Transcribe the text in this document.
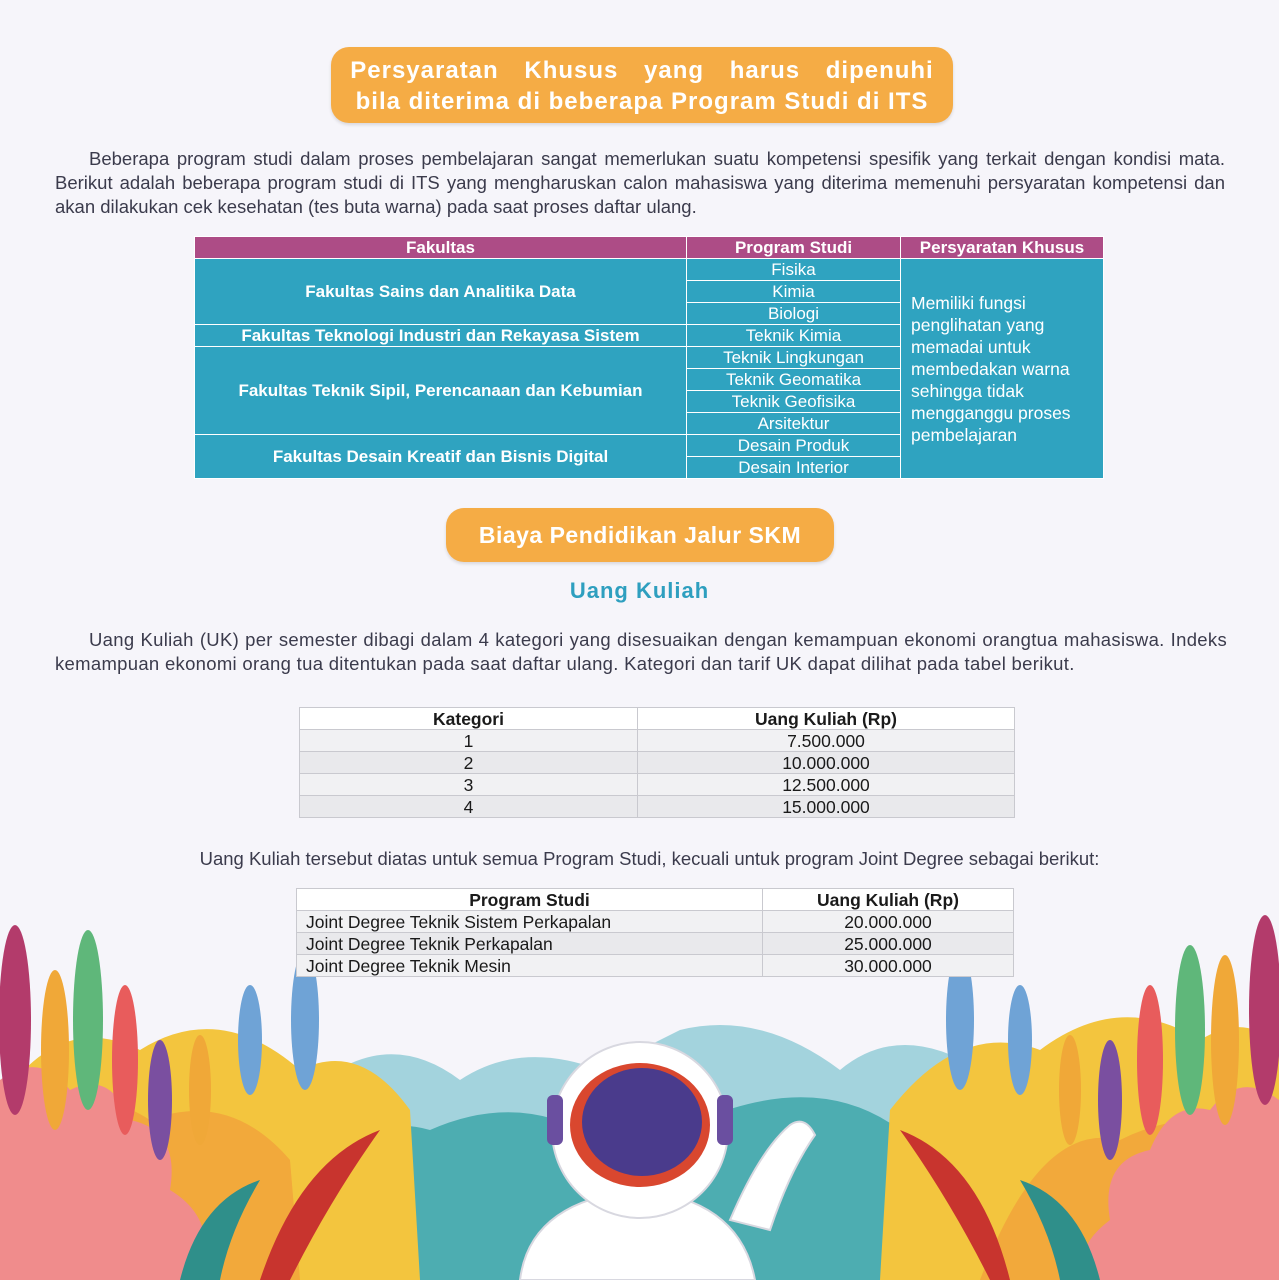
Persyaratan Khusus yang harus dipenuhi
bila diterima di beberapa Program Studi di ITS

Beberapa program studi dalam proses pembelajaran sangat memerlukan suatu kompetensi spesifik yang terkait dengan kondisi mata. Berikut adalah beberapa program studi di ITS yang mengharuskan calon mahasiswa yang diterima memenuhi persyaratan kompetensi dan akan dilakukan cek kesehatan (tes buta warna) pada saat proses daftar ulang.

Fakultas	Program Studi	Persyaratan Khusus
Fakultas Sains dan Analitika Data	Fisika	Memiliki fungsi penglihatan yang memadai untuk membedakan warna sehingga tidak mengganggu proses pembelajaran
	Kimia	
	Biologi	
Fakultas Teknologi Industri dan Rekayasa Sistem	Teknik Kimia	
Fakultas Teknik Sipil, Perencanaan dan Kebumian	Teknik Lingkungan	
	Teknik Geomatika	
	Teknik Geofisika	
	Arsitektur	
Fakultas Desain Kreatif dan Bisnis Digital	Desain Produk	
	Desain Interior	
Biaya Pendidikan Jalur SKM
Uang Kuliah

Uang Kuliah (UK) per semester dibagi dalam 4 kategori yang disesuaikan dengan kemampuan ekonomi orangtua mahasiswa. Indeks kemampuan ekonomi orang tua ditentukan pada saat daftar ulang. Kategori dan tarif UK dapat dilihat pada tabel berikut.

Kategori	Uang Kuliah (Rp)
1	7.500.000
2	10.000.000
3	12.500.000
4	15.000.000

Uang Kuliah tersebut diatas untuk semua Program Studi, kecuali untuk program Joint Degree sebagai berikut:

Program Studi	Uang Kuliah (Rp)
Joint Degree Teknik Sistem Perkapalan	20.000.000
Joint Degree Teknik Perkapalan	25.000.000
Joint Degree Teknik Mesin	30.000.000
